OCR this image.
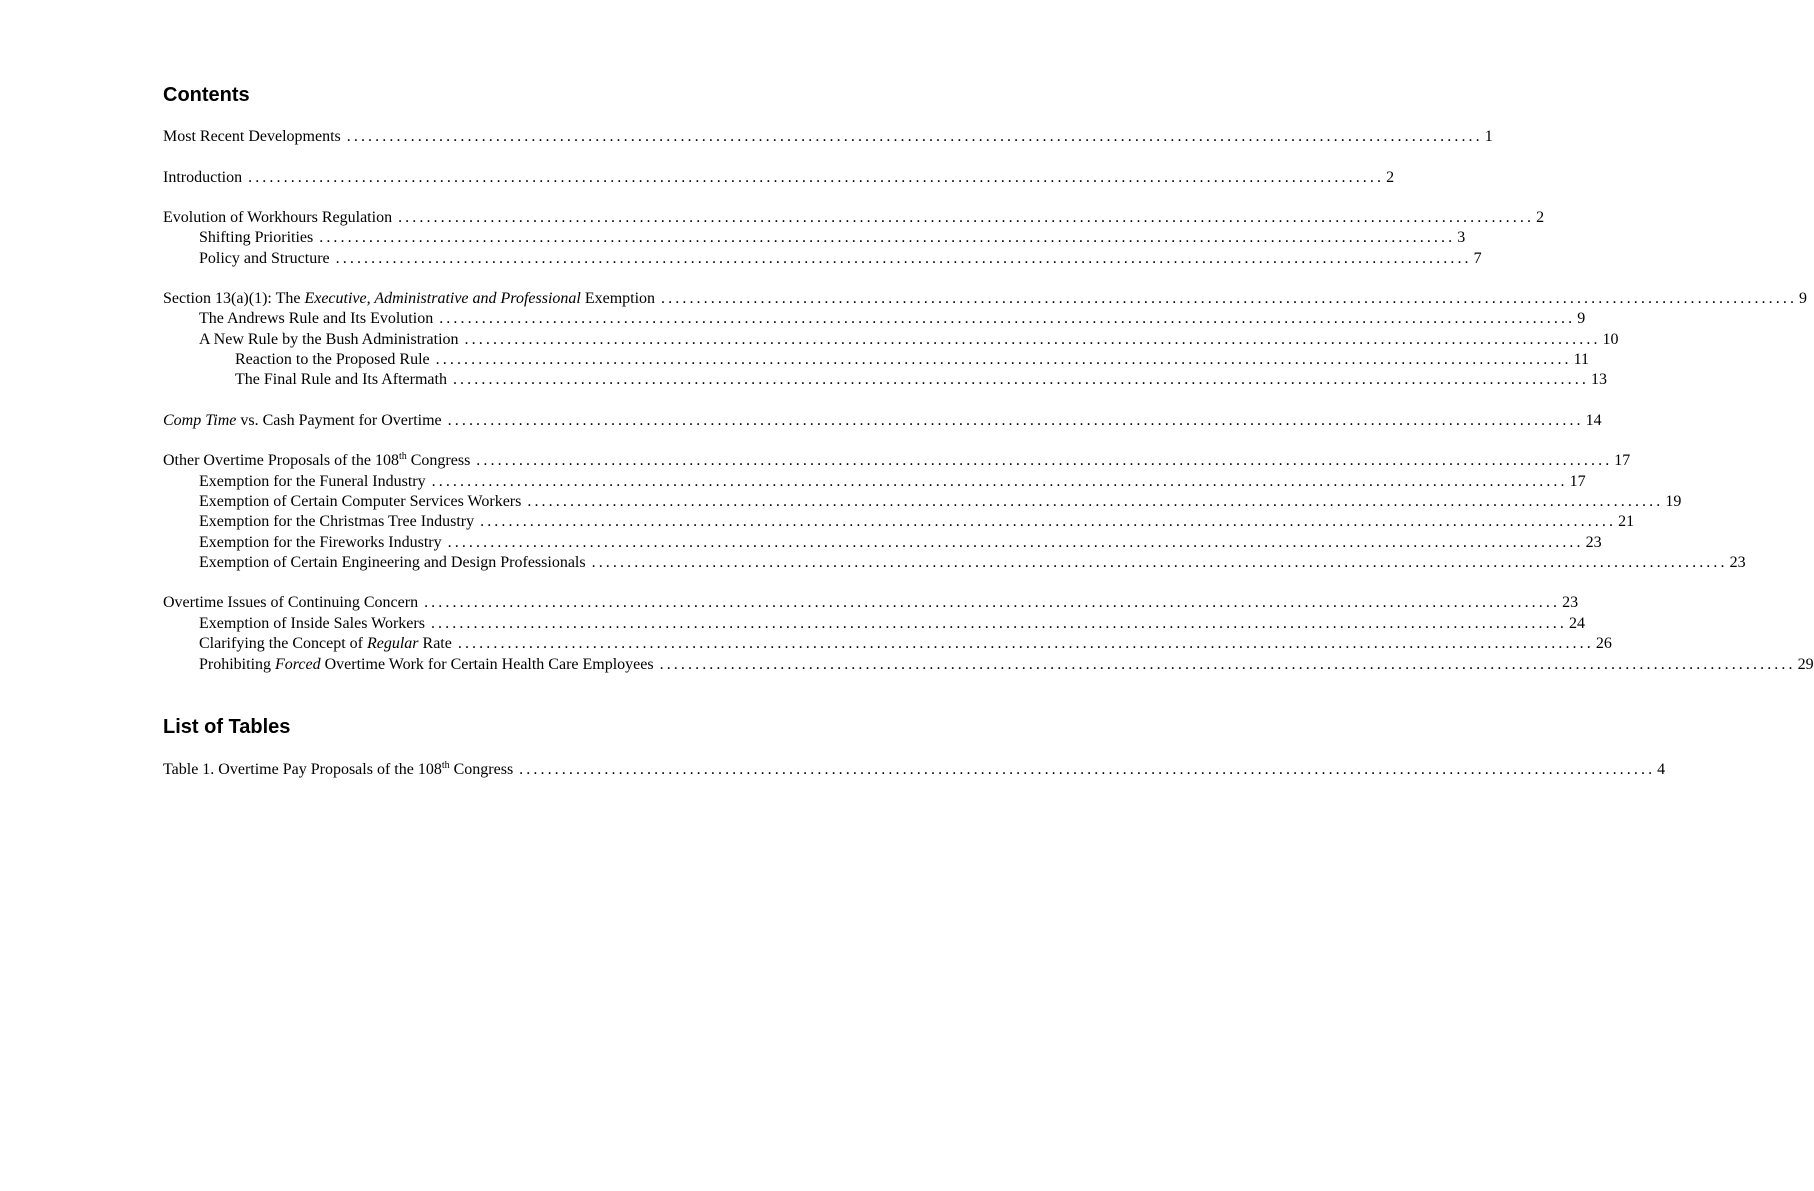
Contents
Most Recent Developments ................................................................................................................................................................ 1
Introduction ................................................................................................................................................................ 2
Evolution of Workhours Regulation ................................................................................................................................................................ 2
Shifting Priorities ................................................................................................................................................................ 3
Policy and Structure ................................................................................................................................................................ 7
Section 13(a)(1): The Executive, Administrative and Professional Exemption ................................................................................................................................................................ 9
The Andrews Rule and Its Evolution ................................................................................................................................................................ 9
A New Rule by the Bush Administration ................................................................................................................................................................ 10
Reaction to the Proposed Rule ................................................................................................................................................................ 11
The Final Rule and Its Aftermath ................................................................................................................................................................ 13
Comp Time vs. Cash Payment for Overtime ................................................................................................................................................................ 14
Other Overtime Proposals of the 108th Congress ................................................................................................................................................................ 17
Exemption for the Funeral Industry ................................................................................................................................................................ 17
Exemption of Certain Computer Services Workers ................................................................................................................................................................ 19
Exemption for the Christmas Tree Industry ................................................................................................................................................................ 21
Exemption for the Fireworks Industry ................................................................................................................................................................ 23
Exemption of Certain Engineering and Design Professionals ................................................................................................................................................................ 23
Overtime Issues of Continuing Concern ................................................................................................................................................................ 23
Exemption of Inside Sales Workers ................................................................................................................................................................ 24
Clarifying the Concept of Regular Rate ................................................................................................................................................................ 26
Prohibiting Forced Overtime Work for Certain Health Care Employees ................................................................................................................................................................ 29
List of Tables
Table 1. Overtime Pay Proposals of the 108th Congress ................................................................................................................................................................ 4
